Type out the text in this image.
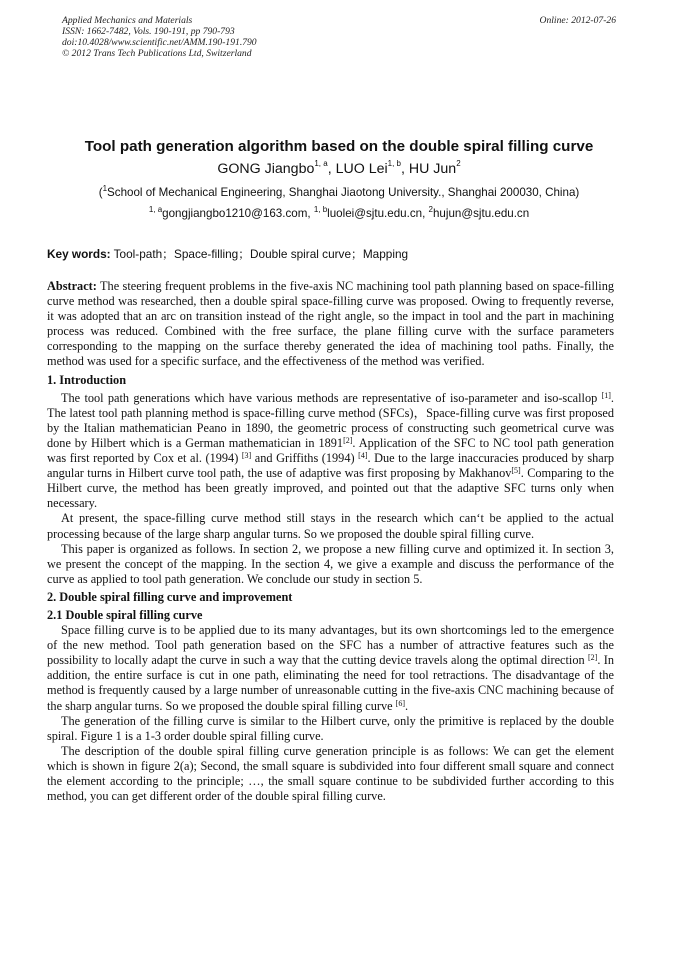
Applied Mechanics and Materials
ISSN: 1662-7482, Vols. 190-191, pp 790-793
doi:10.4028/www.scientific.net/AMM.190-191.790
© 2012 Trans Tech Publications Ltd, Switzerland
Online: 2012-07-26
Tool path generation algorithm based on the double spiral filling curve
GONG Jiangbo$^{1, a}$, LUO Lei$^{1, b}$, HU Jun$^2$
($^1$School of Mechanical Engineering, Shanghai Jiaotong University., Shanghai 200030, China)
$^{1, a}$gongjiangbo1210@163.com, $^{1, b}$luolei@sjtu.edu.cn, $^2$hujun@sjtu.edu.cn
Key words: Tool-path；Space-filling；Double spiral curve；Mapping

Abstract: The steering frequent problems in the five-axis NC machining tool path planning based on space-filling curve method was researched, then a double spiral space-filling curve was proposed. Owing to frequently reverse, it was adopted that an arc on transition instead of the right angle, so the impact in tool and the part in machining process was reduced. Combined with the free surface, the plane filling curve with the surface parameters corresponding to the mapping on the surface thereby generated the idea of machining tool paths. Finally, the method was used for a specific surface, and the effectiveness of the method was verified.

1. Introduction

The tool path generations which have various methods are representative of iso-parameter and iso-scallop [1]. The latest tool path planning method is space-filling curve method (SFCs)，Space-filling curve was first proposed by the Italian mathematician Peano in 1890, the geometric process of constructing such geometrical curve was done by Hilbert which is a German mathematician in 1891[2]. Application of the SFC to NC tool path generation was first reported by Cox et al. (1994) [3] and Griffiths (1994) [4]. Due to the large inaccuracies produced by sharp angular turns in Hilbert curve tool path, the use of adaptive was first proposing by Makhanov[5]. Comparing to the Hilbert curve, the method has been greatly improved, and pointed out that the adaptive SFC turns only when necessary.

At present, the space-filling curve method still stays in the research which can‘t be applied to the actual processing because of the large sharp angular turns. So we proposed the double spiral filling curve.

This paper is organized as follows. In section 2, we propose a new filling curve and optimized it. In section 3, we present the concept of the mapping. In the section 4, we give a example and discuss the performance of the curve as applied to tool path generation. We conclude our study in section 5.

2. Double spiral filling curve and improvement
2.1 Double spiral filling curve

Space filling curve is to be applied due to its many advantages, but its own shortcomings led to the emergence of the new method. Tool path generation based on the SFC has a number of attractive features such as the possibility to locally adapt the curve in such a way that the cutting device travels along the optimal direction [2]. In addition, the entire surface is cut in one path, eliminating the need for tool retractions. The disadvantage of the method is frequently caused by a large number of unreasonable cutting in the five-axis CNC machining because of the sharp angular turns. So we proposed the double spiral filling curve [6].

The generation of the filling curve is similar to the Hilbert curve, only the primitive is replaced by the double spiral. Figure 1 is a 1-3 order double spiral filling curve.

The description of the double spiral filling curve generation principle is as follows: We can get the element which is shown in figure 2(a); Second, the small square is subdivided into four different small square and connect the element according to the principle; …, the small square continue to be subdivided further according to this method, you can get different order of the double spiral filling curve.
